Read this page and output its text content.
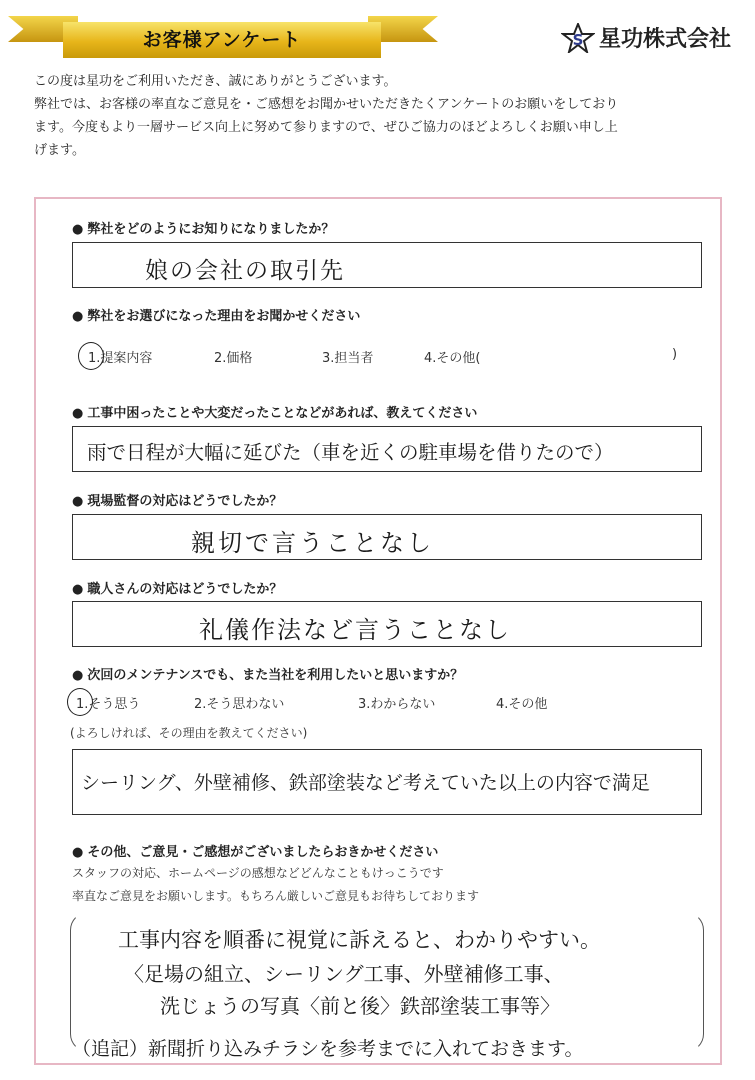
お客様アンケート	S 星功株式会社

この度は星功をご利用いただき、誠にありがとうございます。

弊社では、お客様の率直なご意見を・ご感想をお聞かせいただきたくアンケートのお願いをしており

ます。今度もより一層サービス向上に努めて参りますので、ぜひご協力のほどよろしくお願い申し上

げます。

● 弊社をどのようにお知りになりましたか？
娘の会社の取引先
● 弊社をお選びになった理由をお聞かせください
1.提案内容	2.価格	3.担当者	4.その他(	)
● 工事中困ったことや大変だったことなどがあれば、教えてください
雨で日程が大幅に延びた（車を近くの駐車場を借りたので）
● 現場監督の対応はどうでしたか？
親切で言うことなし
● 職人さんの対応はどうでしたか？
礼儀作法など言うことなし
● 次回のメンテナンスでも、また当社を利用したいと思いますか？
1.そう思う	2.そう思わない	3.わからない	4.その他
(よろしければ、その理由を教えてください)
シーリング、外壁補修、鉄部塗装など考えていた以上の内容で満足
● その他、ご意見・ご感想がございましたらおきかせください
スタッフの対応、ホームページの感想などどんなこともけっこうです
率直なご意見をお願いします。もちろん厳しいご意見もお待ちしております
工事内容を順番に視覚に訴えると、わかりやすい。
〈足場の組立、シーリング工事、外壁補修工事、
洗じょうの写真〈前と後〉鉄部塗装工事等〉
（追記）新聞折り込みチラシを参考までに入れておきます。
